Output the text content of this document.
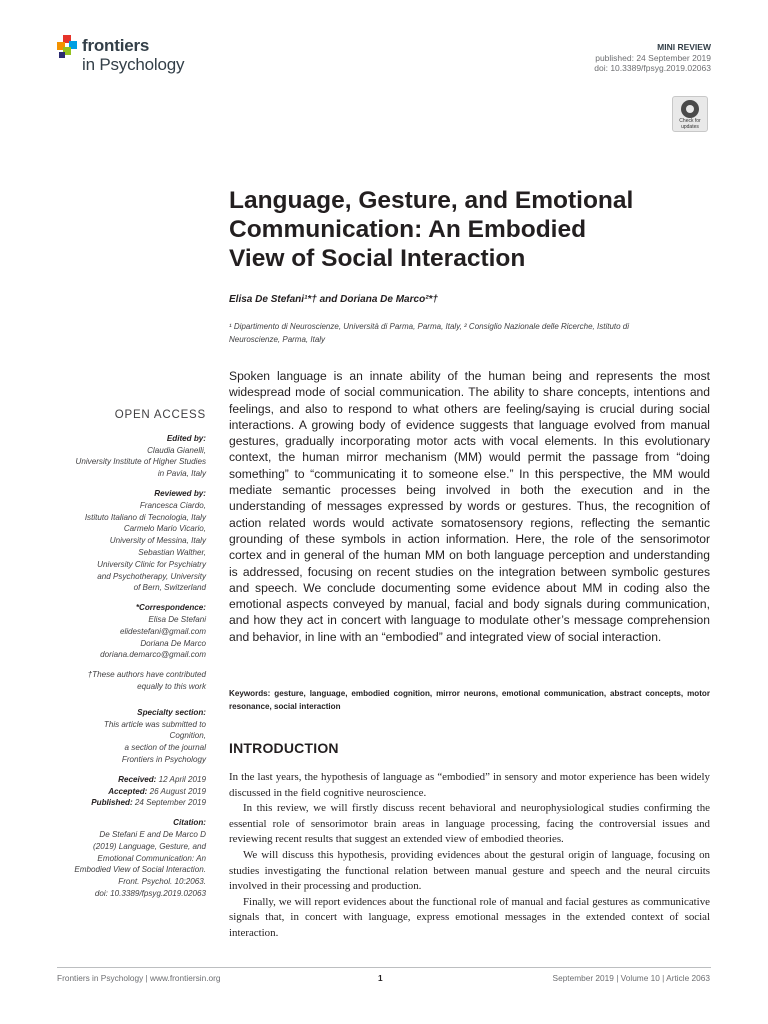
frontiers
in Psychology
MINI REVIEW
published: 24 September 2019
doi: 10.3389/fpsyg.2019.02063
Check for
updates
Language, Gesture, and Emotional
Communication: An Embodied
View of Social Interaction
Elisa De Stefani¹*† and Doriana De Marco²*†
¹ Dipartimento di Neuroscienze, Università di Parma, Parma, Italy, ² Consiglio Nazionale delle Ricerche, Istituto di
Neuroscienze, Parma, Italy
Spoken language is an innate ability of the human being and represents the most widespread mode of social communication. The ability to share concepts, intentions and feelings, and also to respond to what others are feeling/saying is crucial during social interactions. A growing body of evidence suggests that language evolved from manual gestures, gradually incorporating motor acts with vocal elements. In this evolutionary context, the human mirror mechanism (MM) would permit the passage from “doing something” to “communicating it to someone else.” In this perspective, the MM would mediate semantic processes being involved in both the execution and in the understanding of messages expressed by words or gestures. Thus, the recognition of action related words would activate somatosensory regions, reflecting the semantic grounding of these symbols in action information. Here, the role of the sensorimotor cortex and in general of the human MM on both language perception and understanding is addressed, focusing on recent studies on the integration between symbolic gestures and speech. We conclude documenting some evidence about MM in coding also the emotional aspects conveyed by manual, facial and body signals during communication, and how they act in concert with language to modulate other’s message comprehension and behavior, in line with an “embodied” and integrated view of social interaction.
Keywords: gesture, language, embodied cognition, mirror neurons, emotional communication, abstract concepts, motor resonance, social interaction
OPEN ACCESS
Edited by:
Claudia Gianelli,
University Institute of Higher Studies
in Pavia, Italy
Reviewed by:
Francesca Ciardo,
Istituto Italiano di Tecnologia, Italy
Carmelo Mario Vicario,
University of Messina, Italy
Sebastian Walther,
University Clinic for Psychiatry
and Psychotherapy, University
of Bern, Switzerland
*Correspondence:
Elisa De Stefani
elidestefani@gmail.com
Doriana De Marco
doriana.demarco@gmail.com
†These authors have contributed
equally to this work
Specialty section:
This article was submitted to
Cognition,
a section of the journal
Frontiers in Psychology
Received: 12 April 2019
Accepted: 26 August 2019
Published: 24 September 2019
Citation:
De Stefani E and De Marco D
(2019) Language, Gesture, and
Emotional Communication: An
Embodied View of Social Interaction.
Front. Psychol. 10:2063.
doi: 10.3389/fpsyg.2019.02063
INTRODUCTION

In the last years, the hypothesis of language as “embodied” in sensory and motor experience has been widely discussed in the field cognitive neuroscience.

In this review, we will firstly discuss recent behavioral and neurophysiological studies confirming the essential role of sensorimotor brain areas in language processing, facing the controversial issues and reviewing recent results that suggest an extended view of embodied theories.

We will discuss this hypothesis, providing evidences about the gestural origin of language, focusing on studies investigating the functional relation between manual gesture and speech and the neural circuits involved in their processing and production.

Finally, we will report evidences about the functional role of manual and facial gestures as communicative signals that, in concert with language, express emotional messages in the extended context of social interaction.

Frontiers in Psychology | www.frontiersin.org	1	September 2019 | Volume 10 | Article 2063
